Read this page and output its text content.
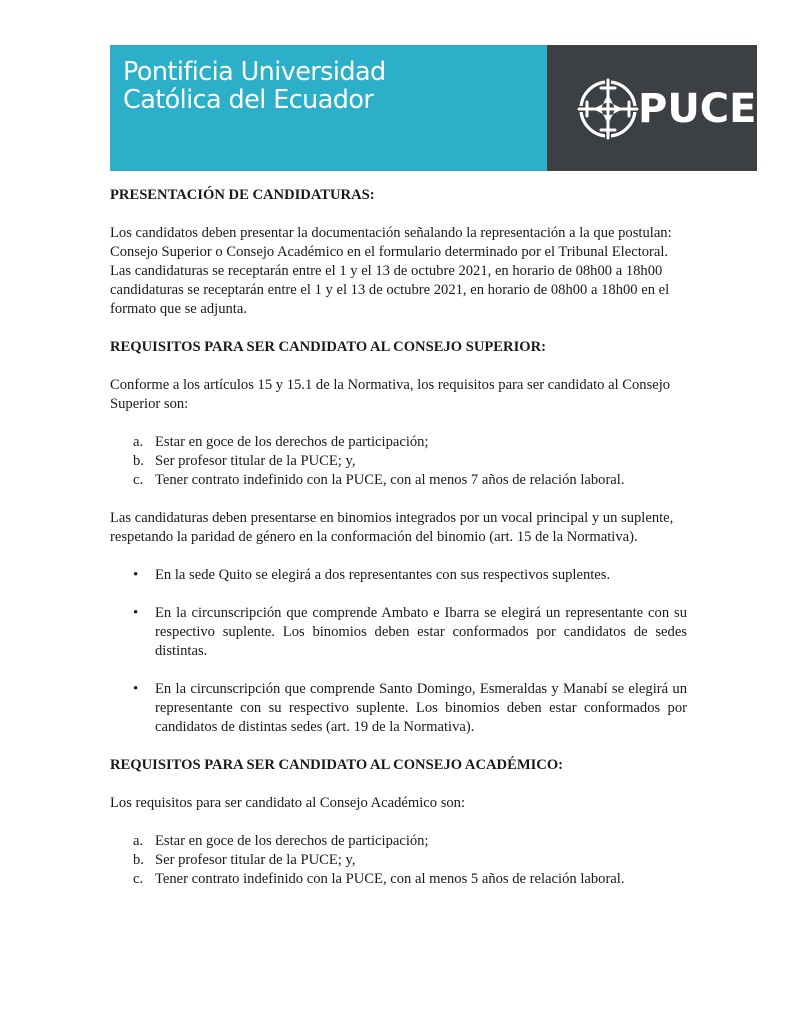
Pontificia Universidad
Católica del Ecuador	PUCE
PRESENTACIÓN DE CANDIDATURAS:
Los candidatos deben presentar la documentación señalando la representación a la que postulan: Consejo Superior o Consejo Académico en el formulario determinado por el Tribunal Electoral. Las candidaturas se receptarán entre el 1 y el 13 de octubre 2021, en horario de 08h00 a 18h00 candidaturas se receptarán entre el 1 y el 13 de octubre 2021, en horario de 08h00 a 18h00 en el formato que se adjunta.
REQUISITOS PARA SER CANDIDATO AL CONSEJO SUPERIOR:
Conforme a los artículos 15 y 15.1 de la Normativa, los requisitos para ser candidato al Consejo Superior son:
a. Estar en goce de los derechos de participación;
b. Ser profesor titular de la PUCE; y,
c. Tener contrato indefinido con la PUCE, con al menos 7 años de relación laboral.
Las candidaturas deben presentarse en binomios integrados por un vocal principal y un suplente, respetando la paridad de género en la conformación del binomio (art. 15 de la Normativa).
• En la sede Quito se elegirá a dos representantes con sus respectivos suplentes.
• En la circunscripción que comprende Ambato e Ibarra se elegirá un representante con su respectivo suplente. Los binomios deben estar conformados por candidatos de sedes distintas.
• En la circunscripción que comprende Santo Domingo, Esmeraldas y Manabí se elegirá un representante con su respectivo suplente. Los binomios deben estar conformados por candidatos de distintas sedes (art. 19 de la Normativa).
REQUISITOS PARA SER CANDIDATO AL CONSEJO ACADÉMICO:
Los requisitos para ser candidato al Consejo Académico son:
a. Estar en goce de los derechos de participación;
b. Ser profesor titular de la PUCE; y,
c. Tener contrato indefinido con la PUCE, con al menos 5 años de relación laboral.
